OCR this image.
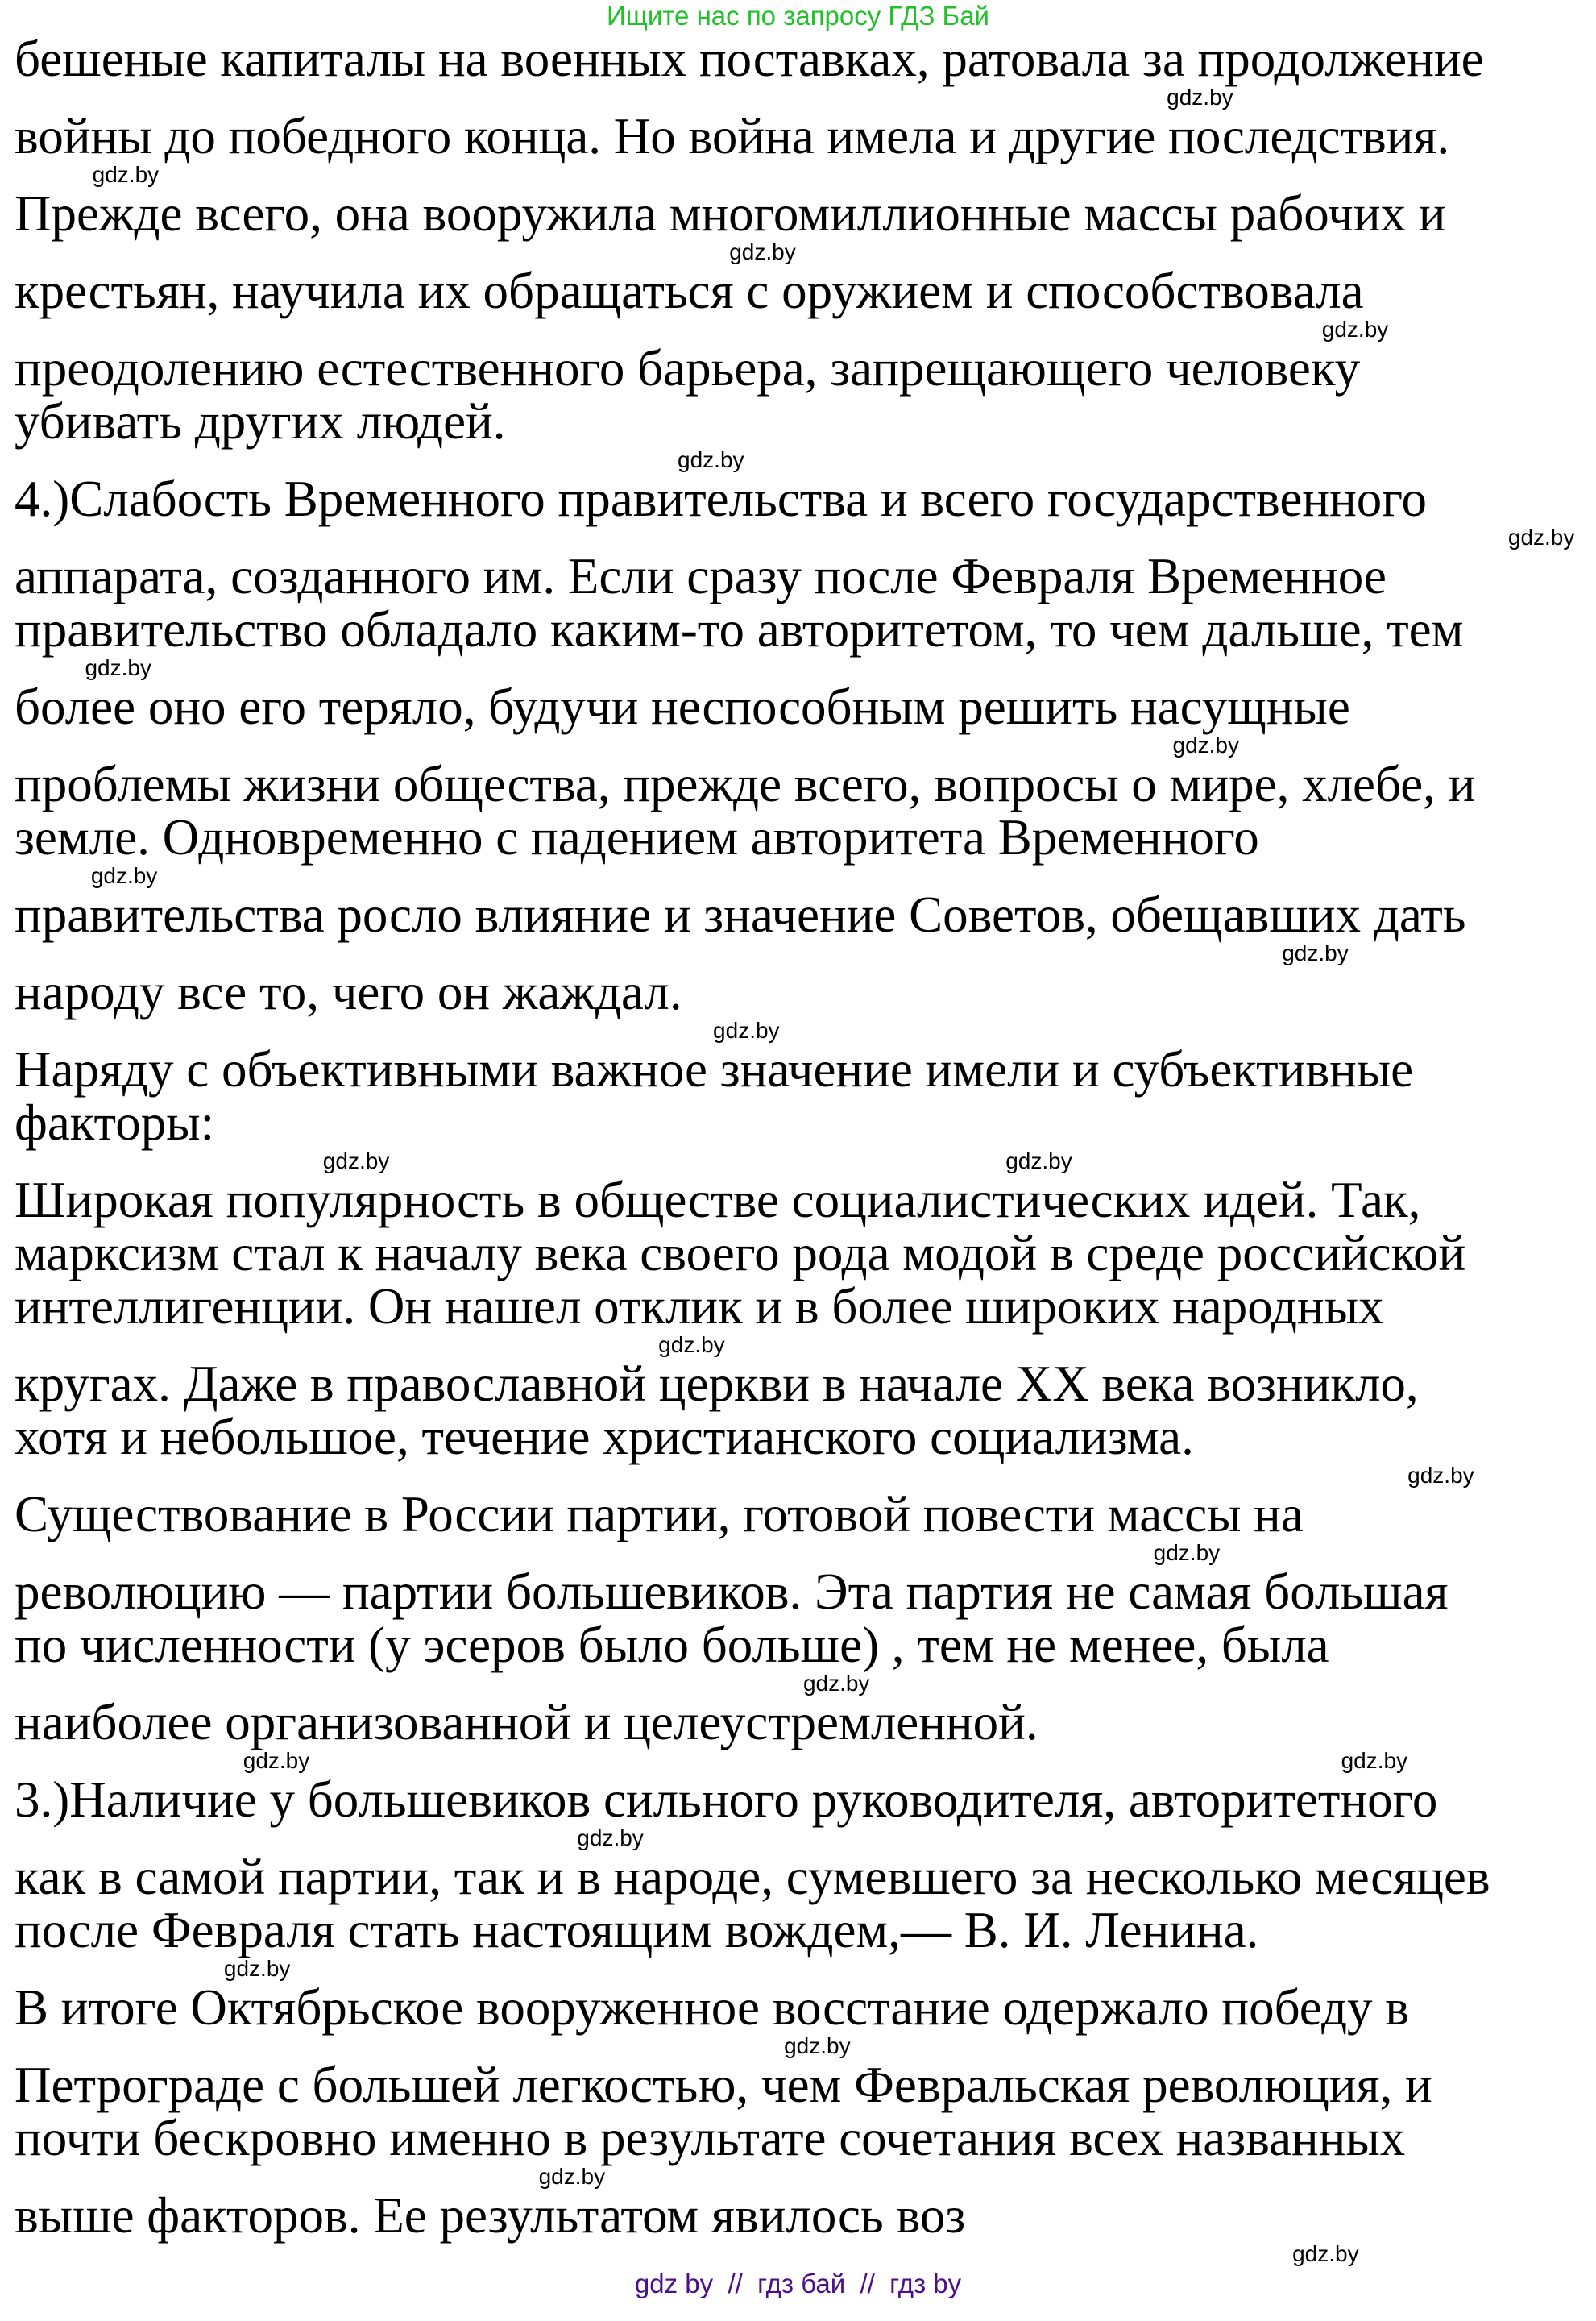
Ищите нас по запросу ГДЗ Бай
бешеные капиталы на военных поставках, ратовала за продолжение
gdz.by
войны до победного конца. Но война имела и другие последствия.
gdz.by
Прежде всего, она вооружила многомиллионные массы рабочих и
gdz.by
крестьян, научила их обращаться с оружием и способствовала
gdz.by
преодолению естественного барьера, запрещающего человеку
убивать других людей.
gdz.by
4.)Слабость Временного правительства и всего государственного
gdz.by
аппарата, созданного им. Если сразу после Февраля Временное
правительство обладало каким-то авторитетом, то чем дальше, тем
gdz.by
более оно его теряло, будучи неспособным решить насущные
gdz.by
проблемы жизни общества, прежде всего, вопросы о мире, хлебе, и
земле. Одновременно с падением авторитета Временного
gdz.by
правительства росло влияние и значение Советов, обещавших дать
gdz.by
народу все то, чего он жаждал.
gdz.by
Наряду с объективными важное значение имели и субъективные
факторы:
gdz.by
gdz.by
Широкая популярность в обществе социалистических идей. Так,
марксизм стал к началу века своего рода модой в среде российской
интеллигенции. Он нашел отклик и в более широких народных
gdz.by
кругах. Даже в православной церкви в начале XX века возникло,
хотя и небольшое, течение христианского социализма.
gdz.by
Существование в России партии, готовой повести массы на
gdz.by
революцию — партии большевиков. Эта партия не самая большая
по численности (у эсеров было больше) , тем не менее, была
gdz.by
наиболее организованной и целеустремленной.
gdz.by
gdz.by
3.)Наличие у большевиков сильного руководителя, авторитетного
gdz.by
как в самой партии, так и в народе, сумевшего за несколько месяцев
после Февраля стать настоящим вождем,— В. И. Ленина.
gdz.by
В итоге Октябрьское вооруженное восстание одержало победу в
gdz.by
Петрограде с большей легкостью, чем Февральская революция, и
почти бескровно именно в результате сочетания всех названных
gdz.by
выше факторов. Ее результатом явилось воз
gdz.by
gdz by  //  гдз бай  //  гдз by
